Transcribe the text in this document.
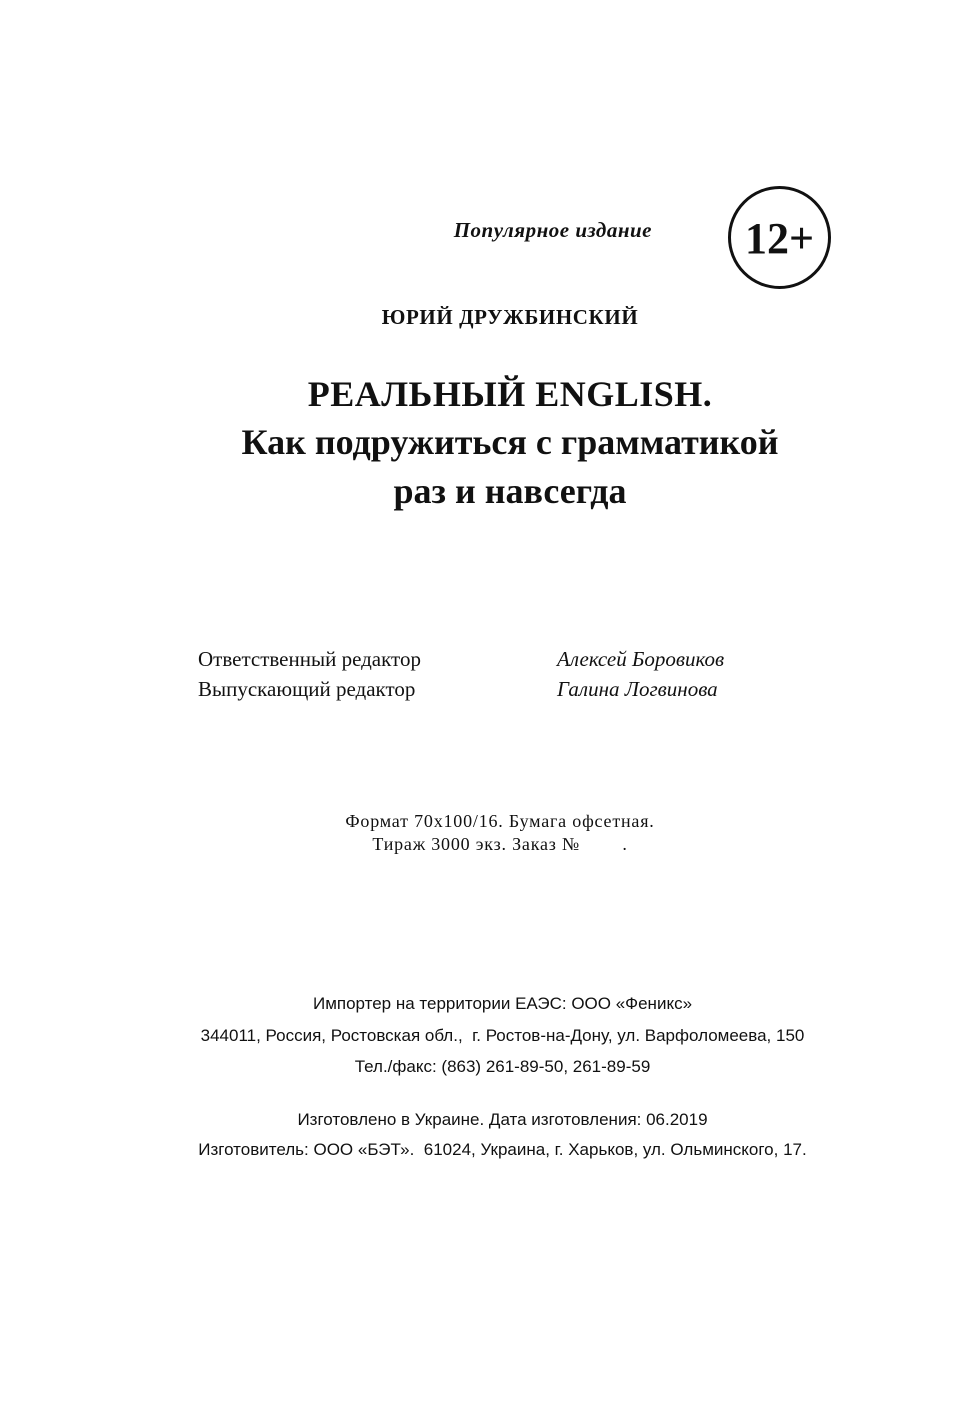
Популярное издание	12+
ЮРИЙ ДРУЖБИНСКИЙ
РЕАЛЬНЫЙ ENGLISH.
Как подружиться с грамматикой
раз и навсегда
Ответственный редактор	Алексей Боровиков
Выпускающий редактор	Галина Логвинова
Формат 70x100/16. Бумага офсетная.
Тираж 3000 экз. Заказ №        .
Импортер на территории ЕАЭС: ООО «Феникс»
344011, Россия, Ростовская обл.,  г. Ростов-на-Дону, ул. Варфоломеева, 150
Тел./факс: (863) 261-89-50, 261-89-59
Изготовлено в Украине. Дата изготовления: 06.2019
Изготовитель: ООО «БЭТ».  61024, Украина, г. Харьков, ул. Ольминского, 17.
